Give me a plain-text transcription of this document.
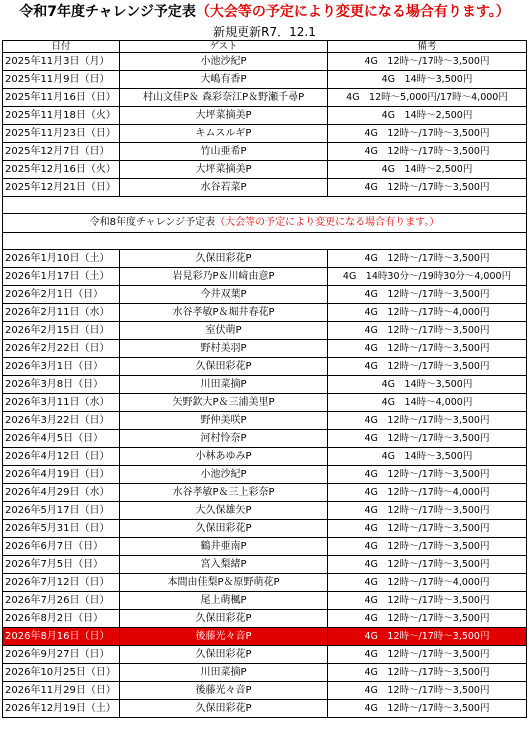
令和7年度チャレンジ予定表（大会等の予定により変更になる場合有ります。）
新規更新R7．12.1
日付	ゲスト	備考
2025年11月3日（月）	小池沙紀P	4G　12時～/17時～3,500円
2025年11月9日（日）	大嶋有香P	4G　14時～3,500円
2025年11月16日（日）	村山文佳P＆ 森彩奈江P＆野瀬千尋P	4G　12時～5,000円/17時～4,000円
2025年11月18日（火）	大坪菜摘美P	4G　14時～2,500円
2025年11月23日（日）	キムスルギP	4G　12時～/17時～3,500円
2025年12月7日（日）	竹山亜希P	4G　12時～/17時～3,500円
2025年12月16日（火）	大坪菜摘美P	4G　14時～2,500円
2025年12月21日（日）	水谷若菜P	4G　12時～/17時～3,500円

令和8年度チャレンジ予定表（大会等の予定により変更になる場合有ります。）		

2026年1月10日（土）	久保田彩花P	4G　12時～/17時～3,500円
2026年1月17日（土）	岩見彩乃P＆川﨑由意P	4G　14時30分～/19時30分～4,000円
2026年2月1日（日）	今井双葉P	4G　12時～/17時～3,500円
2026年2月11日（水）	水谷孝敏P＆堀井春花P	4G　12時～/17時～4,000円
2026年2月15日（日）	室伏萌P	4G　12時～/17時～3,500円
2026年2月22日（日）	野村美羽P	4G　12時～/17時～3,500円
2026年3月1日（日）	久保田彩花P	4G　12時～/17時～3,500円
2026年3月8日（日）	川田菜摘P	4G　14時～3,500円
2026年3月11日（水）	矢野欽大P＆三浦美里P	4G　14時～4,000円
2026年3月22日（日）	野仲美咲P	4G　12時～/17時～3,500円
2026年4月5日（日）	河村怜奈P	4G　12時～/17時～3,500円
2026年4月12日（日）	小林あゆみP	4G　14時～3,500円
2026年4月19日（日）	小池沙紀P	4G　12時～/17時～3,500円
2026年4月29日（水）	水谷孝敏P＆三上彩奈P	4G　12時～/17時～4,000円
2026年5月17日（日）	大久保雄矢P	4G　12時～/17時～3,500円
2026年5月31日（日）	久保田彩花P	4G　12時～/17時～3,500円
2026年6月7日（日）	鶴井亜南P	4G　12時～/17時～3,500円
2026年7月5日（日）	宮入梨緒P	4G　12時～/17時～3,500円
2026年7月12日（日）	本間由佳梨P＆原野萌花P	4G　12時～/17時～4,000円
2026年7月26日（日）	尾上萌楓P	4G　12時～/17時～3,500円
2026年8月2日（日）	久保田彩花P	4G　12時～/17時～3,500円
2026年8月16日（日）	後藤光々音P	4G　12時～/17時～3,500円
2026年9月27日（日）	久保田彩花P	4G　12時～/17時～3,500円
2026年10月25日（日）	川田菜摘P	4G　12時～/17時～3,500円
2026年11月29日（日）	後藤光々音P	4G　12時～/17時～3,500円
2026年12月19日（土）	久保田彩花P	4G　12時～/17時～3,500円
